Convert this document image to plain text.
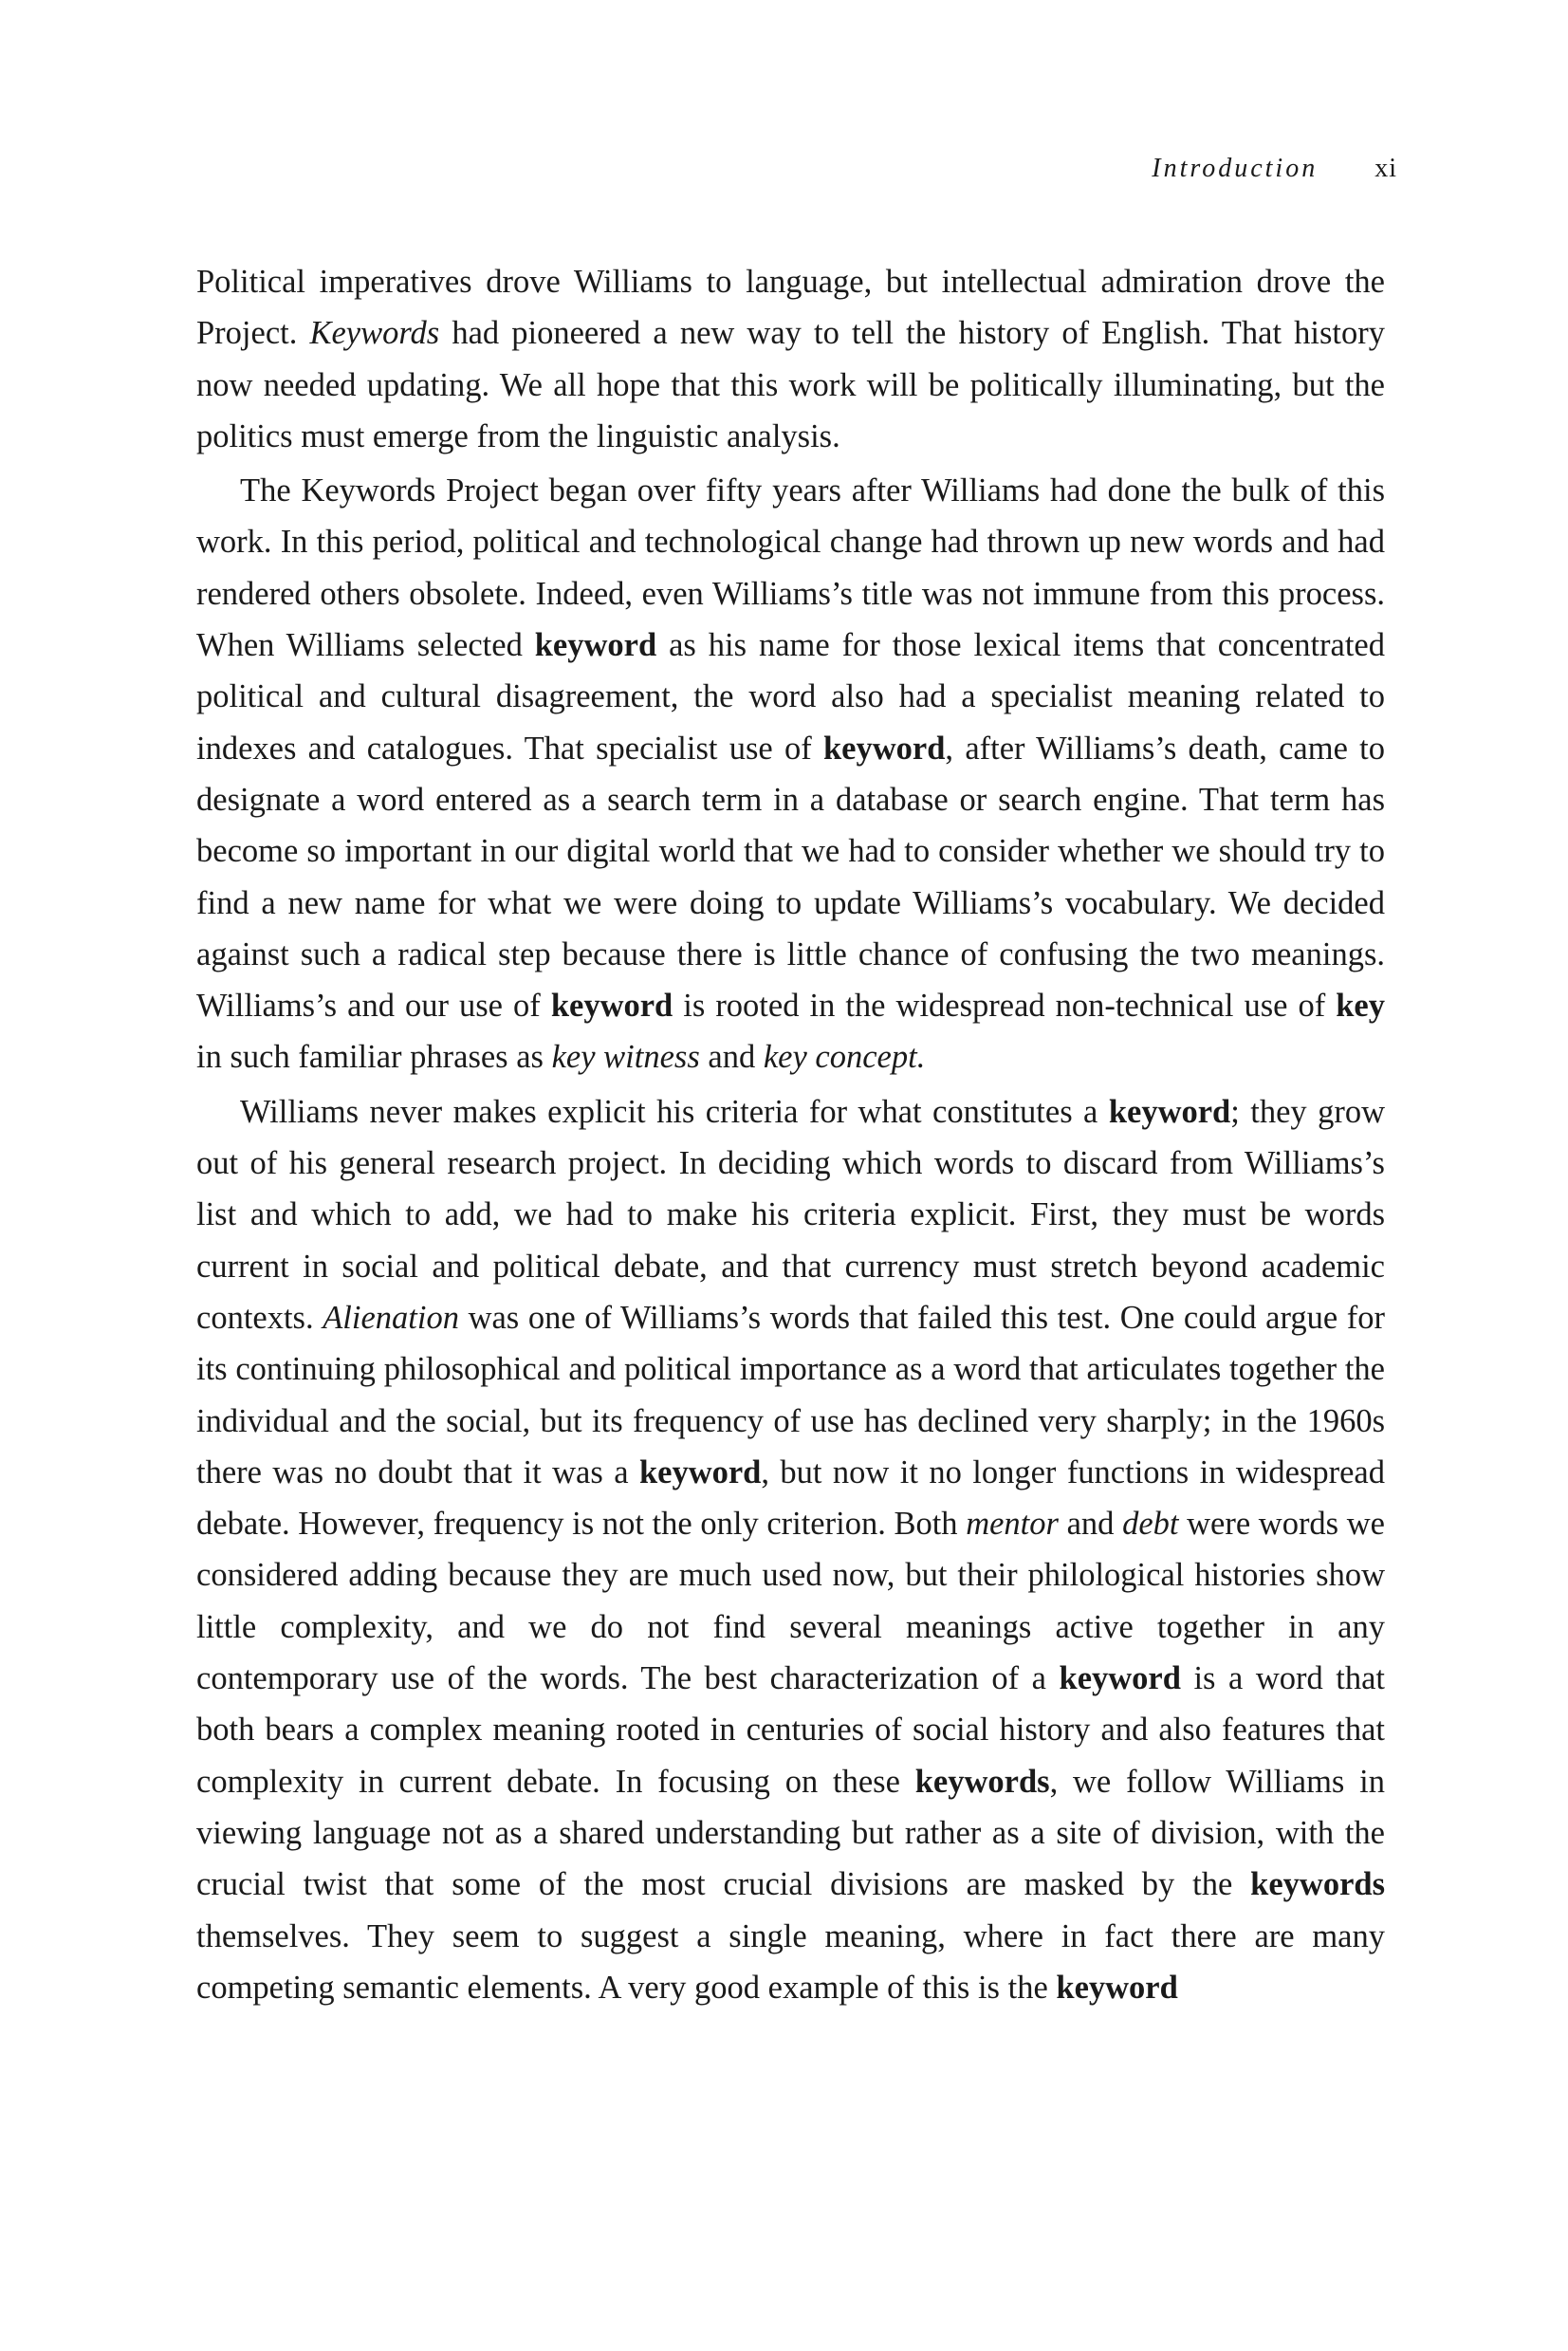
Introduction xi

Political imperatives drove Williams to language, but intellectual admiration drove the Project. Keywords had pioneered a new way to tell the history of English. That history now needed updating. We all hope that this work will be politically illuminating, but the politics must emerge from the linguistic analysis.

The Keywords Project began over fifty years after Williams had done the bulk of this work. In this period, political and technological change had thrown up new words and had rendered others obsolete. Indeed, even Williams’s title was not immune from this process. When Williams selected keyword as his name for those lexical items that concentrated political and cultural disagreement, the word also had a specialist meaning related to indexes and catalogues. That specialist use of keyword, after Williams’s death, came to designate a word entered as a search term in a database or search engine. That term has become so important in our digital world that we had to consider whether we should try to find a new name for what we were doing to update Williams’s vocabulary. We decided against such a radical step because there is little chance of confusing the two meanings. Williams’s and our use of keyword is rooted in the widespread non-technical use of key in such familiar phrases as key witness and key concept.

Williams never makes explicit his criteria for what constitutes a keyword; they grow out of his general research project. In deciding which words to discard from Williams’s list and which to add, we had to make his criteria explicit. First, they must be words current in social and political debate, and that currency must stretch beyond academic contexts. Alienation was one of Williams’s words that failed this test. One could argue for its continuing philosophical and political importance as a word that articulates together the individual and the social, but its frequency of use has declined very sharply; in the 1960s there was no doubt that it was a keyword, but now it no longer functions in widespread debate. However, frequency is not the only criterion. Both mentor and debt were words we considered adding because they are much used now, but their philological histories show little complexity, and we do not find several meanings active together in any contemporary use of the words. The best characterization of a keyword is a word that both bears a complex meaning rooted in centuries of social history and also features that complexity in current debate. In focusing on these keywords, we follow Williams in viewing language not as a shared understanding but rather as a site of division, with the crucial twist that some of the most crucial divisions are masked by the keywords themselves. They seem to suggest a single meaning, where in fact there are many competing semantic elements. A very good example of this is the keyword
